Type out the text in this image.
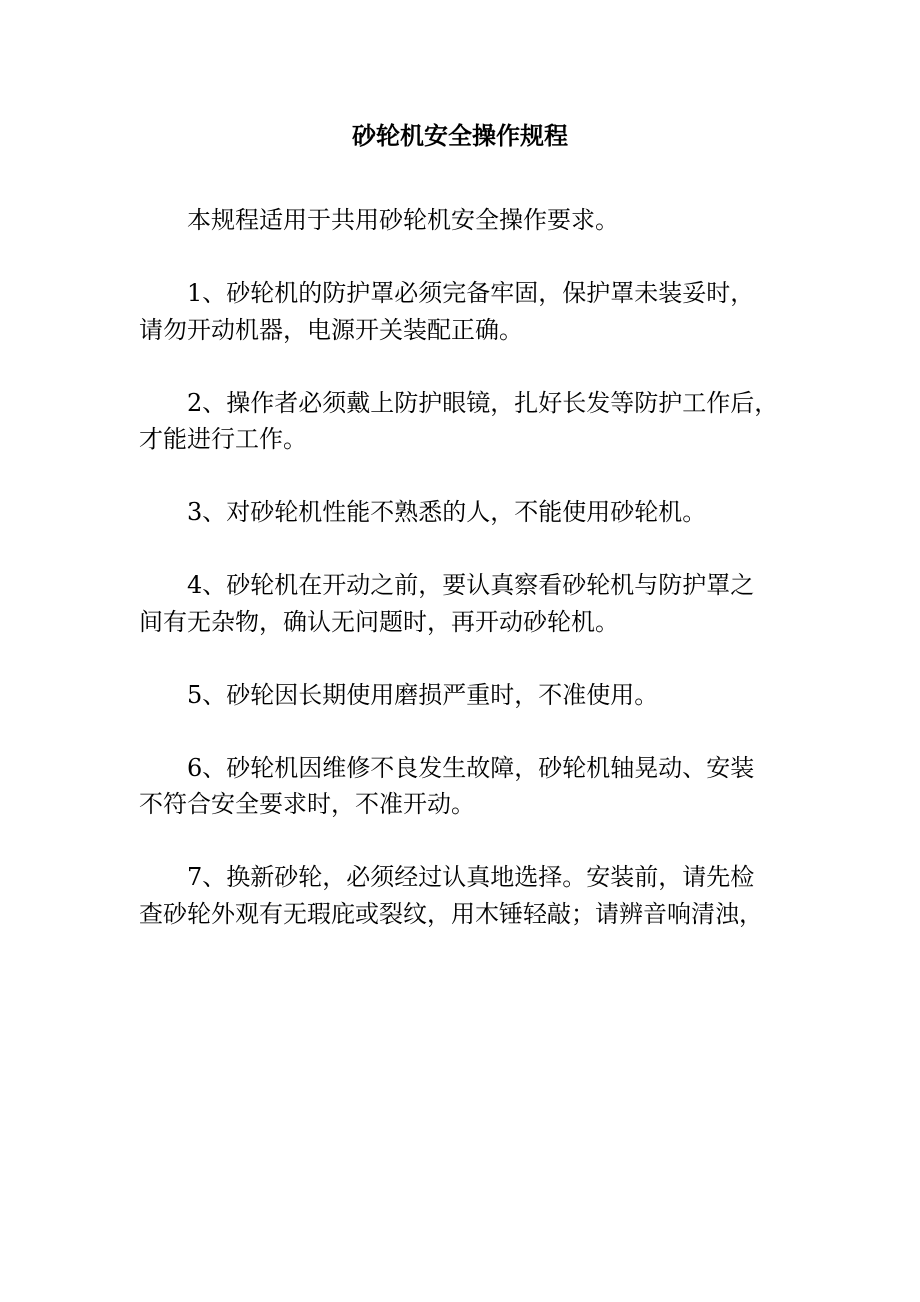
砂轮机安全操作规程

本规程适用于共用砂轮机安全操作要求。

1、砂轮机的防护罩必须完备牢固，保护罩未装妥时，
请勿开动机器，电源开关装配正确。

2、操作者必须戴上防护眼镜，扎好长发等防护工作后，
才能进行工作。

3、对砂轮机性能不熟悉的人，不能使用砂轮机。

4、砂轮机在开动之前，要认真察看砂轮机与防护罩之
间有无杂物，确认无问题时，再开动砂轮机。

5、砂轮因长期使用磨损严重时，不准使用。

6、砂轮机因维修不良发生故障，砂轮机轴晃动、安装
不符合安全要求时，不准开动。

7、换新砂轮，必须经过认真地选择。安装前，请先检
查砂轮外观有无瑕庇或裂纹，用木锤轻敲；请辨音响清浊，
